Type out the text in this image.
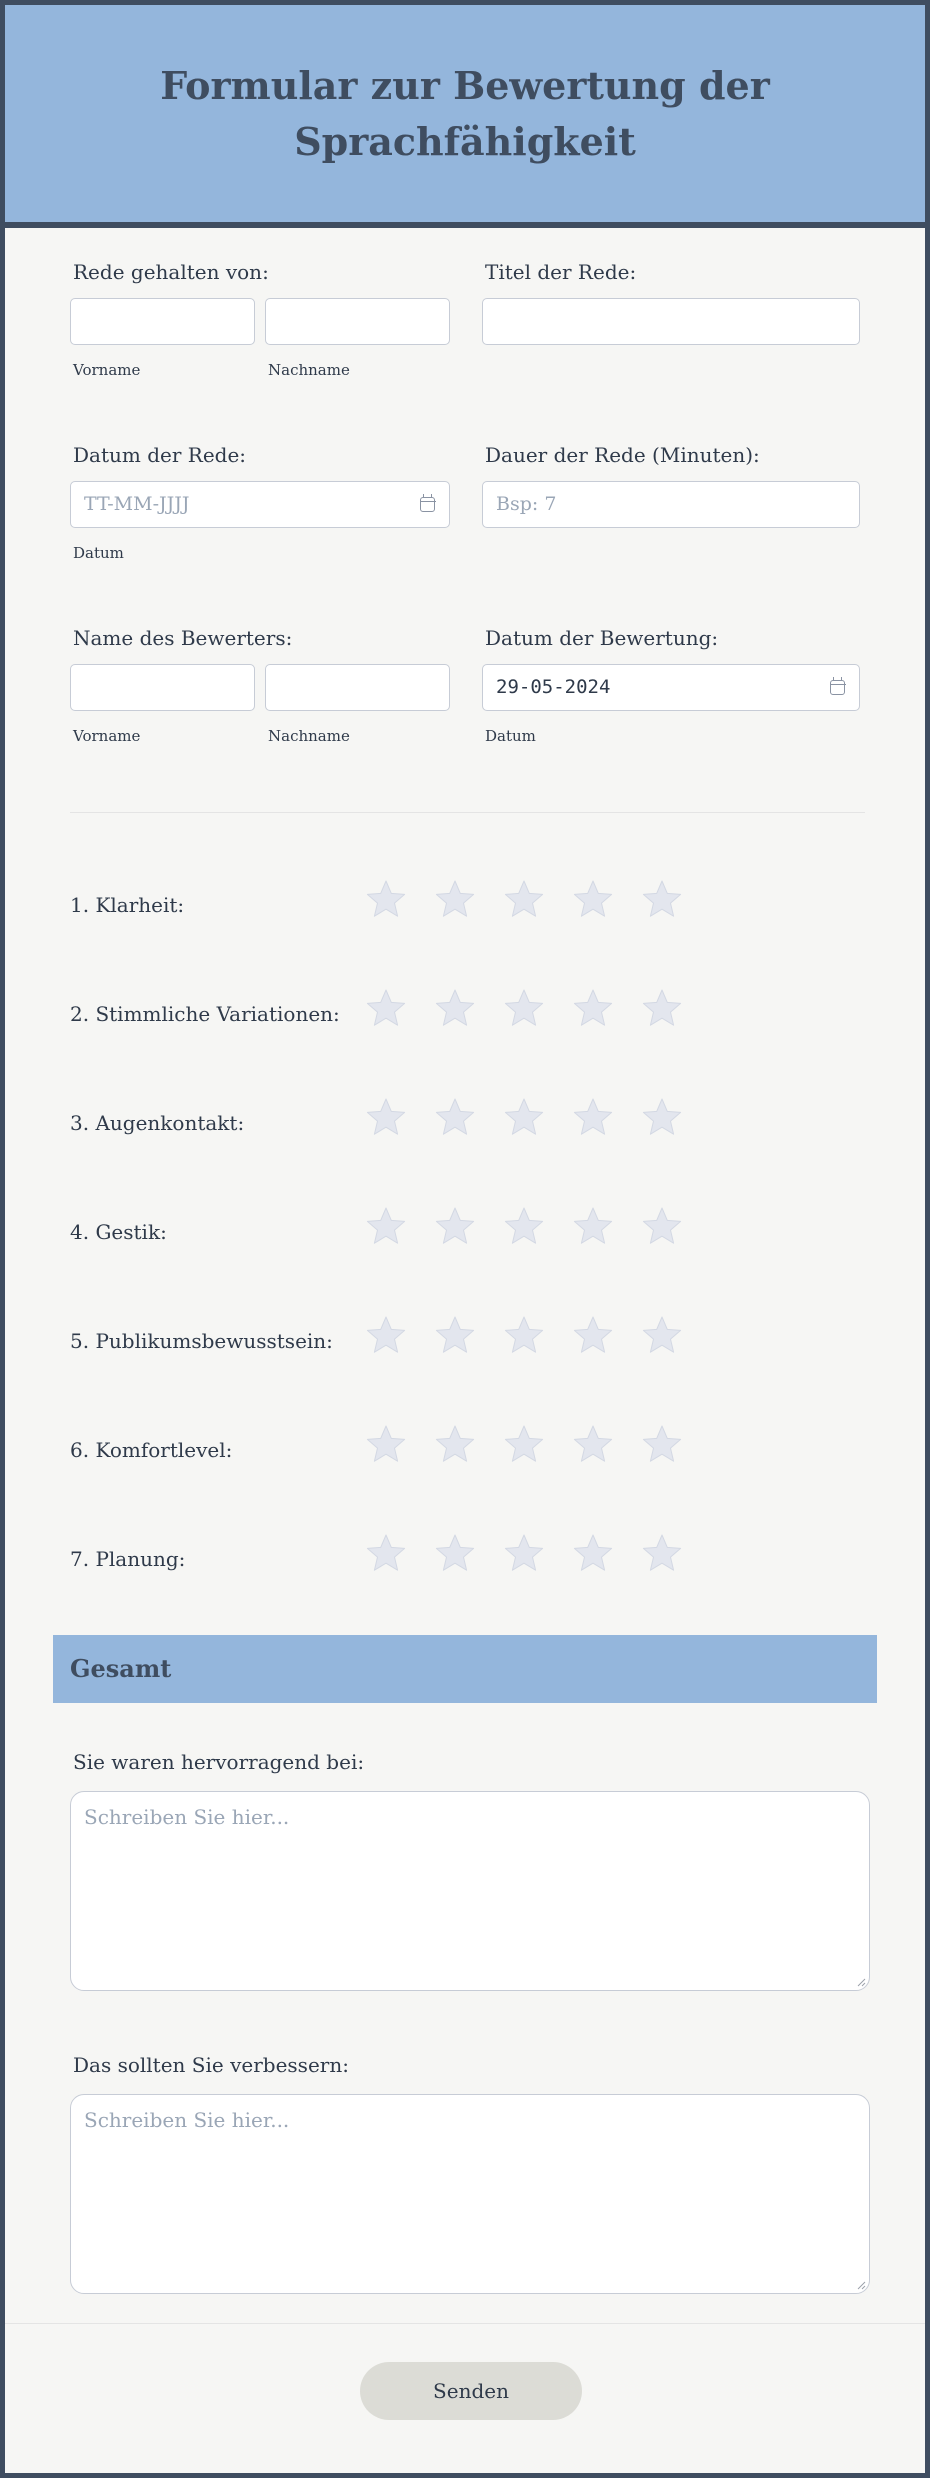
Formular zur Bewertung der Sprachfähigkeit
Rede gehalten von:
Vorname	Nachname
Titel der Rede:
Datum der Rede:
TT-MM-JJJJ
Datum
Dauer der Rede (Minuten):
Bsp: 7
Name des Bewerters:
Vorname	Nachname
Datum der Bewertung:
29-05-2024
Datum
1. Klarheit:
2. Stimmliche Variationen:
3. Augenkontakt:
4. Gestik:
5. Publikumsbewusstsein:
6. Komfortlevel:
7. Planung:
Gesamt
Sie waren hervorragend bei:
Schreiben Sie hier...
Das sollten Sie verbessern:
Schreiben Sie hier...
Senden
